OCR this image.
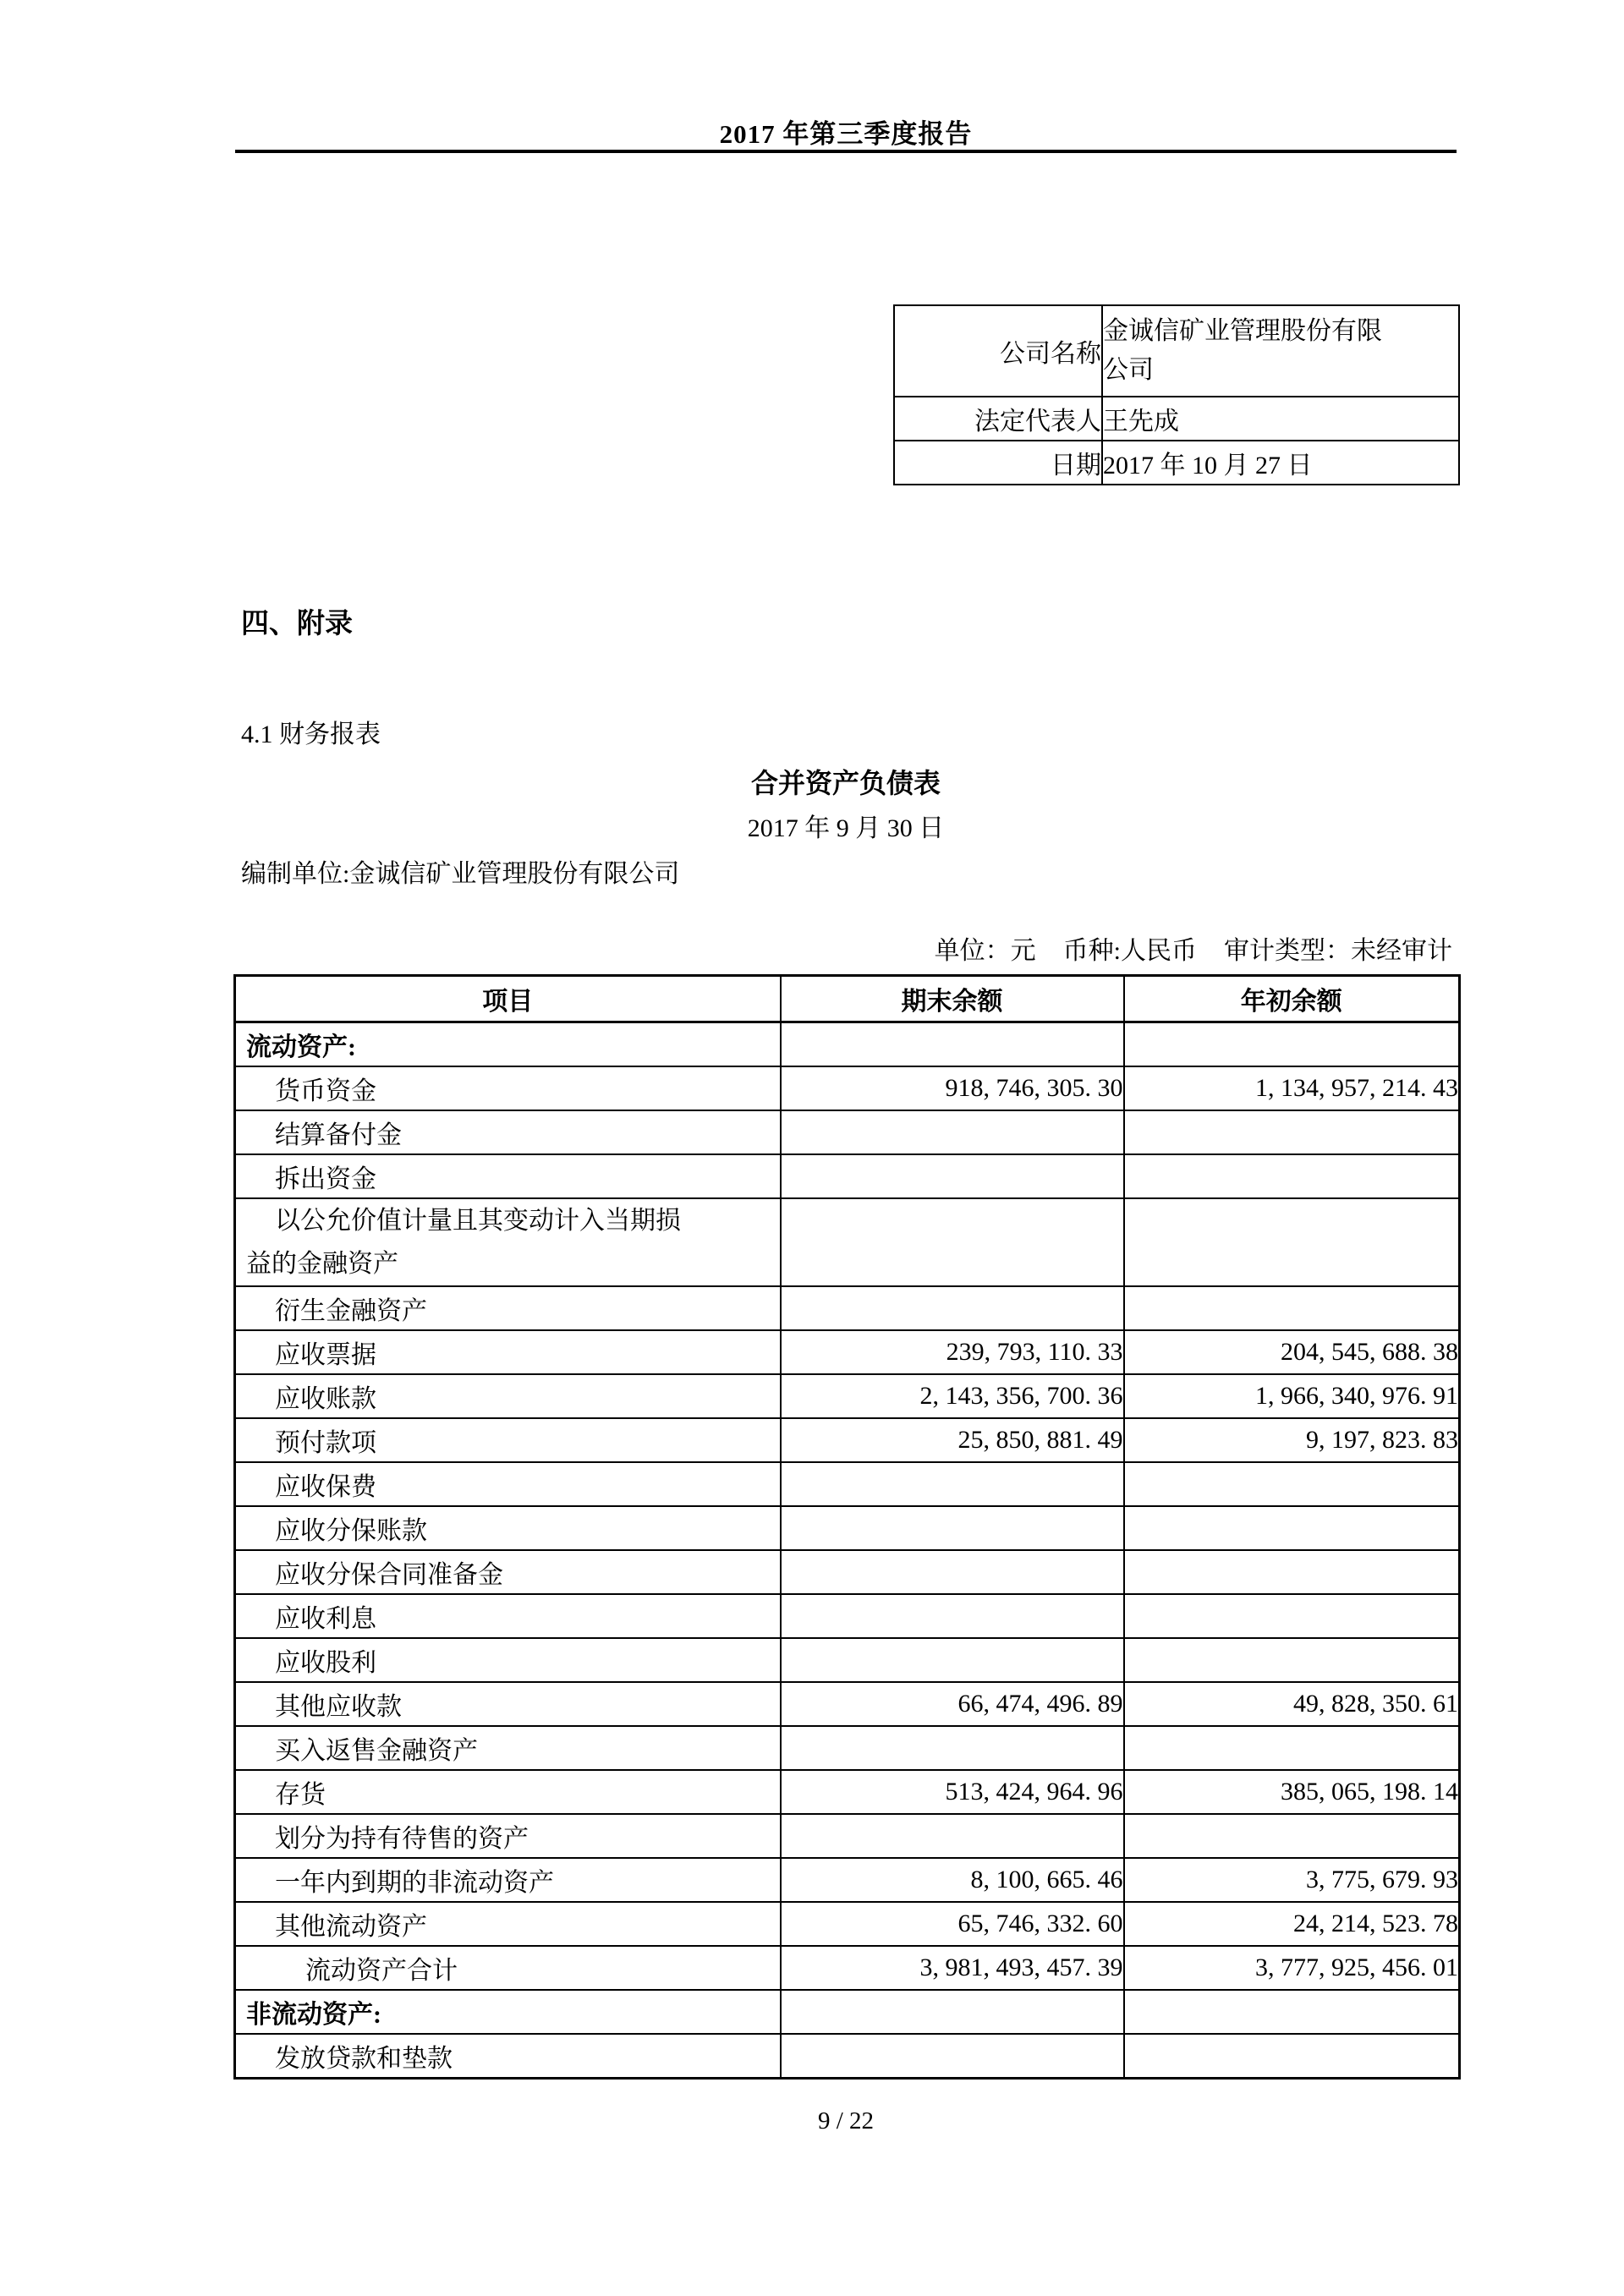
2017 年第三季度报告
公司名称	金诚信矿业管理股份有限公司

法定代表人	王先成
日期	2017 年 10 月 27 日
四、附录
4.1 财务报表
合并资产负债表
2017 年 9 月 30 日
编制单位:金诚信矿业管理股份有限公司
单位：元 币种:人民币 审计类型：未经审计
项目	期末余额	年初余额

流动资产:		

货币资金	918, 746, 305. 30	1, 134, 957, 214. 43

结算备付金		

拆出资金		

以公允价值计量且其变动计入当期损
益的金融资产		

衍生金融资产		

应收票据	239, 793, 110. 33	204, 545, 688. 38

应收账款	2, 143, 356, 700. 36	1, 966, 340, 976. 91

预付款项	25, 850, 881. 49	9, 197, 823. 83

应收保费		

应收分保账款		

应收分保合同准备金		

应收利息		

应收股利		

其他应收款	66, 474, 496. 89	49, 828, 350. 61

买入返售金融资产		

存货	513, 424, 964. 96	385, 065, 198. 14

划分为持有待售的资产		

一年内到期的非流动资产	8, 100, 665. 46	3, 775, 679. 93

其他流动资产	65, 746, 332. 60	24, 214, 523. 78

流动资产合计	3, 981, 493, 457. 39	3, 777, 925, 456. 01

非流动资产:		

发放贷款和垫款		

9 / 22
